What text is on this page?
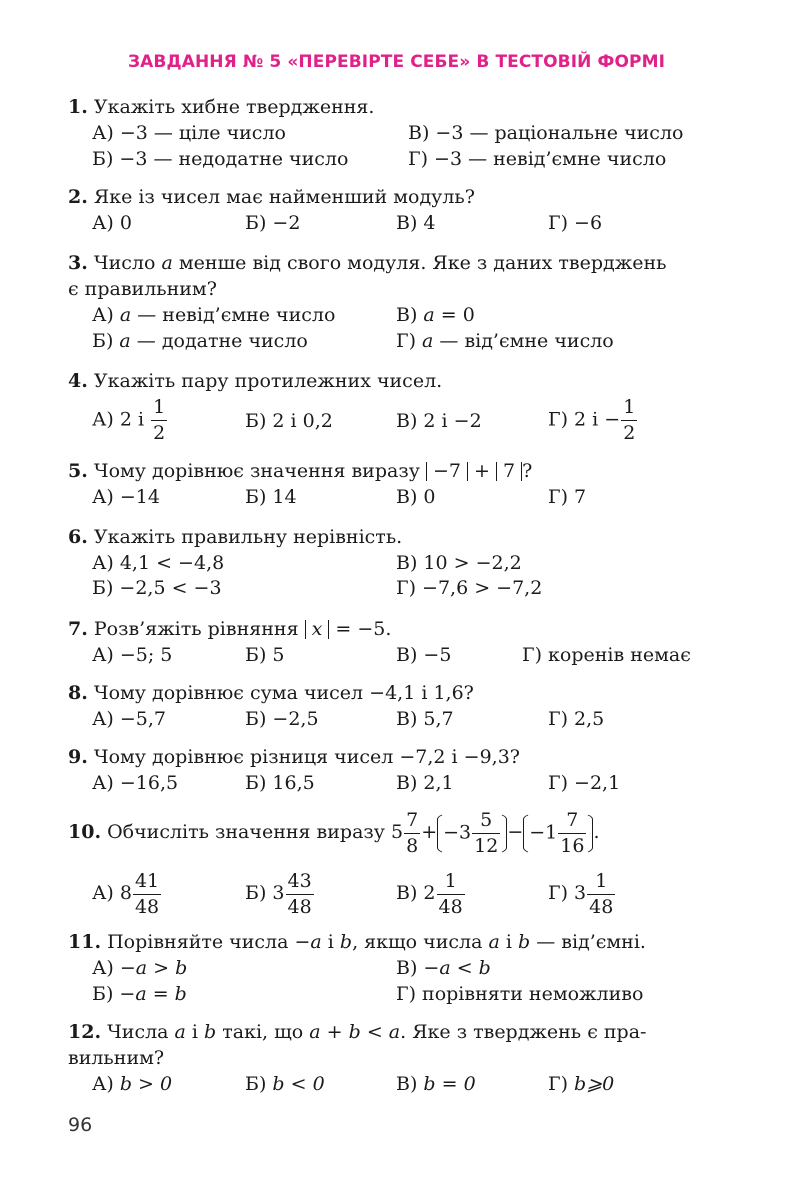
ЗАВДАННЯ № 5 «ПЕРЕВІРТЕ СЕБЕ» В ТЕСТОВІЙ ФОРМІ
1. Укажіть хибне твердження.
А) −3 — ціле число	В) −3 — раціональне число
Б) −3 — недодатне число	Г) −3 — невід’ємне число
2. Яке із чисел має найменший модуль?
А) 0	Б) −2	В) 4	Г) −6
3. Число a менше від свого модуля. Яке з даних тверджень
є правильним?
А) a — невід’ємне число	В) a = 0
Б) a — додатне число	Г) a — від’ємне число
4. Укажіть пару протилежних чисел.
А) 2 і $\frac{1}{2}$	Б) 2 і 0,2	В) 2 і −2	Г) 2 $і - \frac{1}{2}$
5. Чому дорівнює значення виразу −7 + 7 ?
А) −14	Б) 14	В) 0	Г) 7
6. Укажіть правильну нерівність.
А) 4,1 < −4,8	В) 10 > −2,2
Б) −2,5 < −3	Г) −7,6 > −7,2
7. Розв’яжіть рівняння x = −5.
А) −5; 5	Б) 5	В) −5	Г) коренів немає
8. Чому дорівнює сума чисел −4,1 і 1,6?
А) −5,7	Б) −2,5	В) 5,7	Г) 2,5
9. Чому дорівнює різниця чисел −7,2 і −9,3?
А) −16,5	Б) 16,5	В) 2,1	Г) −2,1
10. Обчисліть значення виразу $5 \frac{7}{8} + -3 \frac{5}{12} - -1 \frac{7}{16}$ .
А) $8 \frac{41}{48}$	Б) $3 \frac{43}{48}$	В) $2 \frac{1}{48}$	Г) $3 \frac{1}{48}$
11. Порівняйте числа −a і b, якщо числа a і b — від’ємні.
А) −a > b	В) −a < b
Б) −a = b	Г) порівняти неможливо
12. Числа a і b такі, що a + b < a. Яке з тверджень є пра-
вильним?
А) b > 0	Б) b < 0	В) b = 0	Г) b⩾0
96
